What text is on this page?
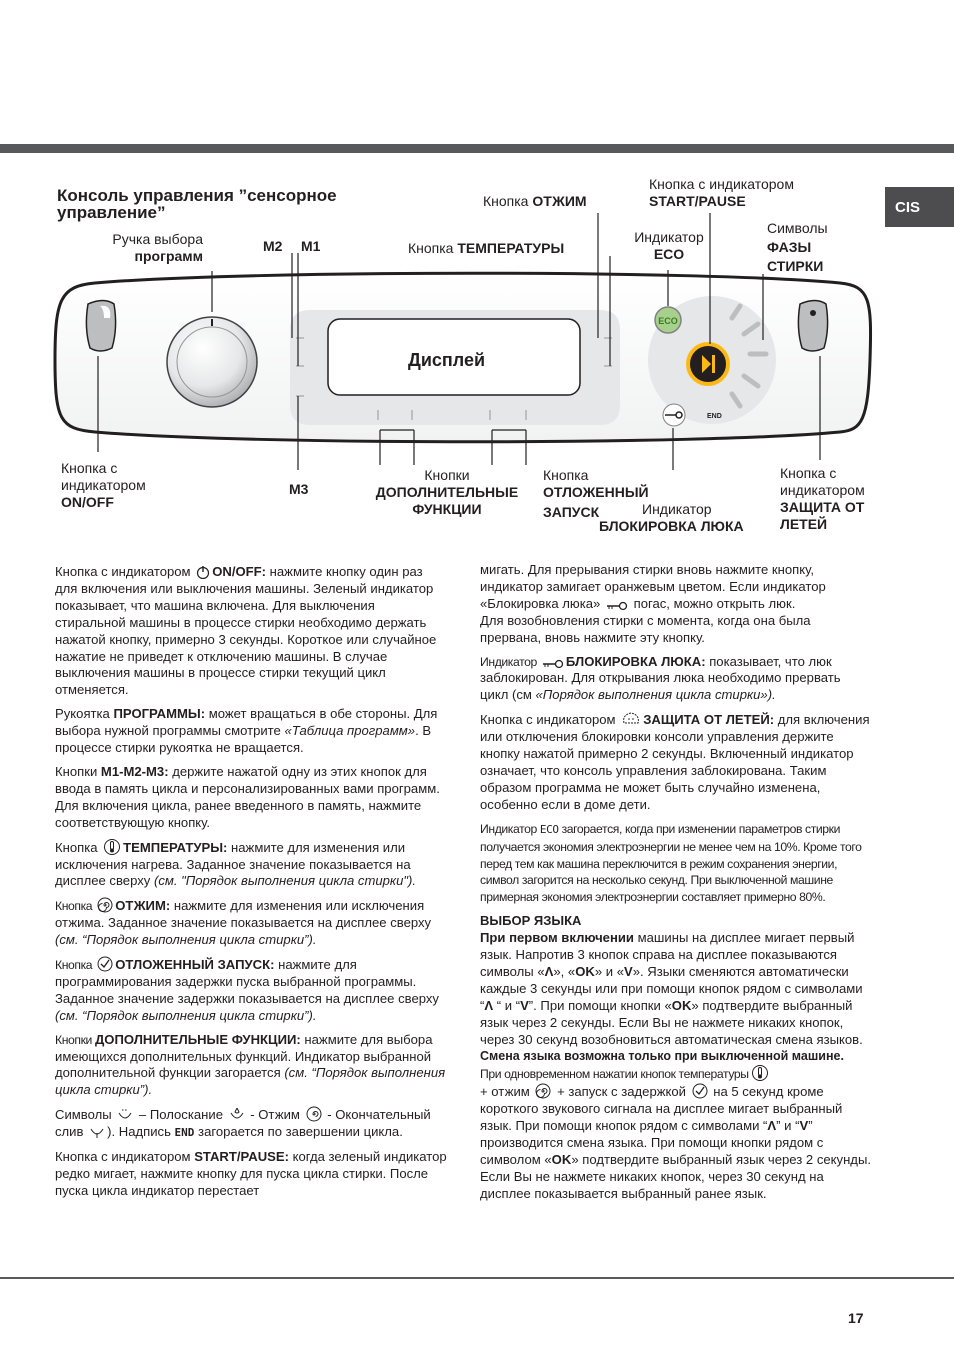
CIS
Консоль управления ”сенсорное управление”
ECO
END
Дисплей
Ручка выбора
программ
M2 M1
M3
Кнопка ОТЖИМ
Кнопка ТЕМПЕРАТУРЫ
Кнопка с индикатором
START/PAUSE
Индикатор
ECO
Символы
ФАЗЫ
СТИРКИ
Кнопка с
индикатором
ON/OFF
Кнопки
ДОПОЛНИТЕЛЬНЫЕ
ФУНКЦИИ
Кнопка
ОТЛОЖЕННЫЙ
ЗАПУСК	Индикатор
БЛОКИРОВКА ЛЮКА
Кнопка с
индикатором
ЗАЩИТА ОТ
ЛЕТЕЙ

Кнопка с индикатором ON/OFF: нажмите кнопку один раз для включения или выключения машины. Зеленый индикатор показывает, что машина включена. Для выключения стиральной машины в процессе стирки необходимо держать нажатой кнопку, примерно 3 секунды. Короткое или случайное нажатие не приведет к отключению машины. В случае выключения машины в процессе стирки текущий цикл отменяется.

Рукоятка ПРОГРАММЫ: может вращаться в обе стороны. Для выбора нужной программы смотрите «Таблица программ». В процессе стирки рукоятка не вращается.

Кнопки M1-M2-M3: держите нажатой одну из этих кнопок для ввода в память цикла и персонализированных вами программ. Для включения цикла, ранее введенного в память, нажмите соответствующую кнопку.

Кнопка ТЕМПЕРАТУРЫ: нажмите для изменения или исключения нагрева. Заданное значение показывается на дисплее сверху (см. "Порядок выполнения цикла стирки").

Кнопка ОТЖИМ: нажмите для изменения или исключения отжима. Заданное значение показывается на дисплее сверху (см. “Порядок выполнения цикла стирки”).

Кнопка ОТЛОЖЕННЫЙ ЗАПУСК: нажмите для программирования задержки пуска выбранной программы. Заданное значение задержки показывается на дисплее сверху (см. “Порядок выполнения цикла стирки”).

Кнопки ДОПОЛНИТЕЛЬНЫЕ ФУНКЦИИ: нажмите для выбора имеющихся дополнительных функций. Индикатор выбранной дополнительной функции загорается (см. “Порядок выполнения цикла стирки”).

Символы  – Полоскание  - Отжим  - Окончательный слив ). Надпись END загорается по завершении цикла.

Кнопка с индикатором START/PAUSE: когда зеленый индикатор редко мигает, нажмите кнопку для пуска цикла стирки. После пуска цикла индикатор перестает

мигать. Для прерывания стирки вновь нажмите кнопку, индикатор замигает оранжевым цветом. Если индикатор «Блокировка люка»  погас, можно открыть люк.
Для возобновления стирки с момента, когда она была прервана, вновь нажмите эту кнопку.

Индикатор БЛОКИРОВКА ЛЮКА: показывает, что люк заблокирован. Для открывания люка необходимо прервать цикл (см «Порядок выполнения цикла стирки»).

Кнопка с индикатором ЗАЩИТА ОТ ЛЕТЕЙ: для включения или отключения блокировки консоли управления держите кнопку нажатой примерно 2 секунды. Включенный индикатор означает, что консоль управления заблокирована. Таким образом программа не может быть случайно изменена, особенно если в доме дети.

Индикатор ECO загорается, когда при изменении параметров стирки получается экономия электроэнергии не менее чем на 10%. Кроме того перед тем как машина переключится в режим сохранения энергии, символ загорится на несколько секунд. При выключенной машине примерная экономия электроэнергии составляет примерно 80%.

ВЫБОР ЯЗЫКА

При первом включении машины на дисплее мигает первый язык. Напротив 3 кнопок справа на дисплее показываются символы «Λ», «OK» и «V». Языки сменяются автоматически каждые 3 секунды или при помощи кнопок рядом с символами “Λ “ и “V”. При помощи кнопки «OK» подтвердите выбранный язык через 2 секунды. Если Вы не нажмете никаких кнопок, через 30 секунд возобновиться автоматическая смена языков.

Смена языка возможна только при выключенной машине.

При одновременном нажатии кнопок температуры
+ отжим  + запуск с задержкой  на 5 секунд кроме короткого звукового сигнала на дисплее мигает выбранный язык. При помощи кнопок рядом с символами “Λ” и “V” производится смена языка. При помощи кнопки рядом с символом «OK» подтвердите выбранный язык через 2 секунды. Если Вы не нажмете никаких кнопок, через 30 секунд на дисплее показывается выбранный ранее язык.

17
